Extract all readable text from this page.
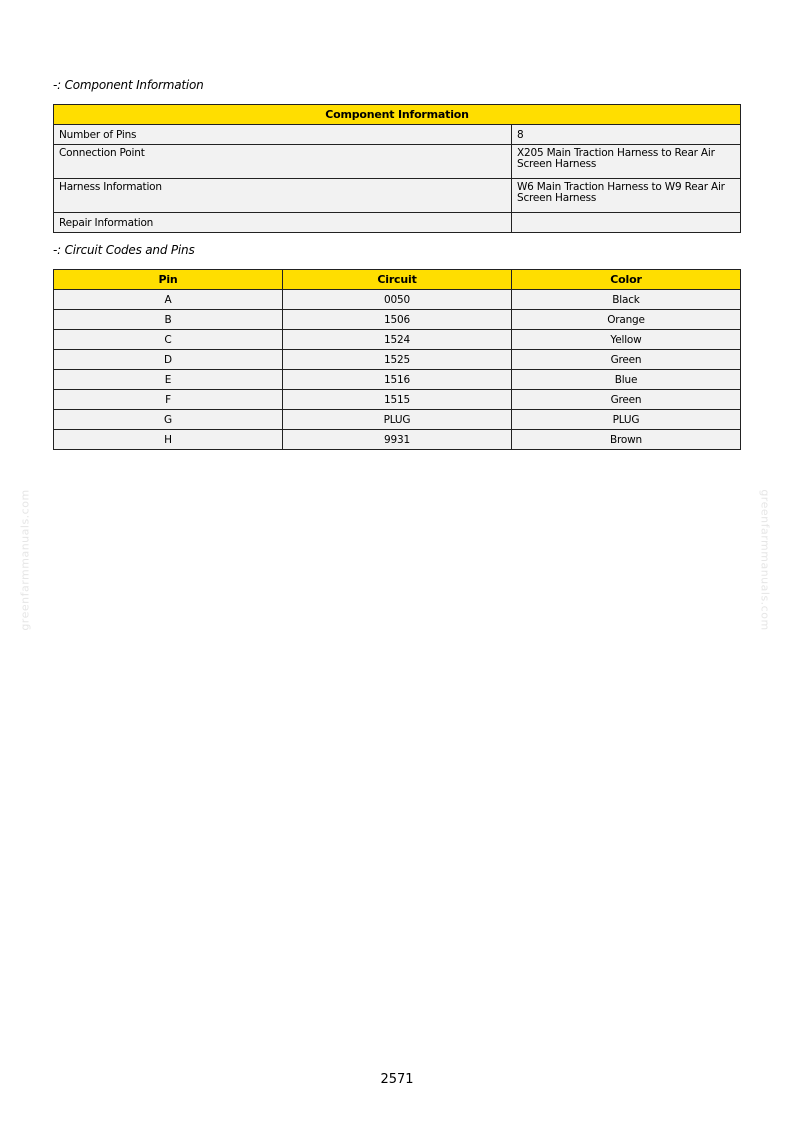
-: Component Information
Component Information	
Number of Pins	8
Connection Point	X205 Main Traction Harness to Rear Air Screen Harness
Harness Information	W6 Main Traction Harness to W9 Rear Air Screen Harness
Repair Information	
-: Circuit Codes and Pins
Pin	Circuit	Color
A	0050	Black
B	1506	Orange
C	1524	Yellow
D	1525	Green
E	1516	Blue
F	1515	Green
G	PLUG	PLUG
H	9931	Brown
greenfarmmanuals.com	greenfarmmanuals.com
2571
